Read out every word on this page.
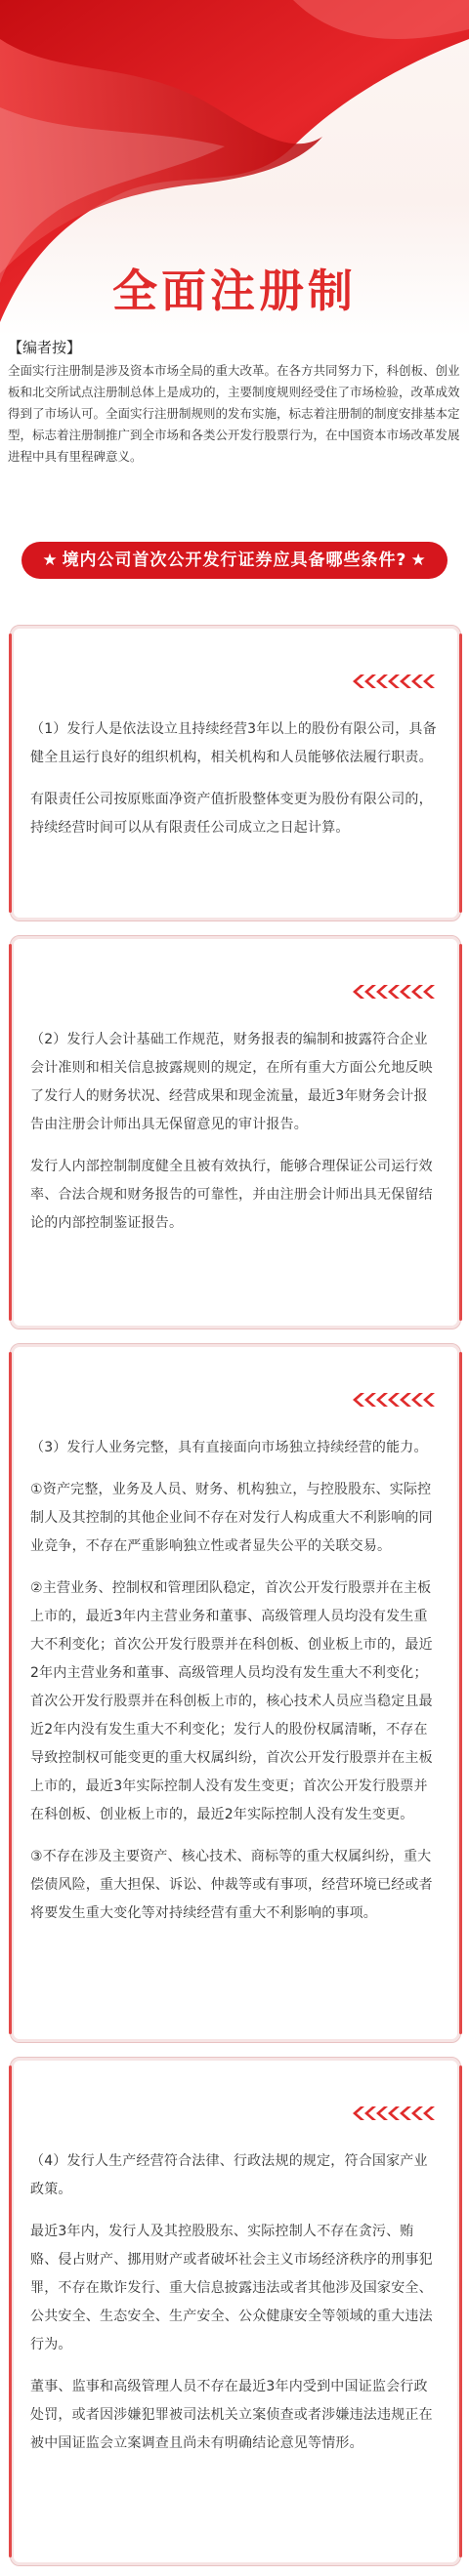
全面注册制
【编者按】
全面实行注册制是涉及资本市场全局的重大改革。在各方共同努力下，科创板、创业板和北交所试点注册制总体上是成功的，主要制度规则经受住了市场检验，改革成效得到了市场认可。全面实行注册制规则的发布实施，标志着注册制的制度安排基本定型，标志着注册制推广到全市场和各类公开发行股票行为，在中国资本市场改革发展进程中具有里程碑意义。
★ 境内公司首次公开发行证券应具备哪些条件? ★

（1）发行人是依法设立且持续经营3年以上的股份有限公司，具备健全且运行良好的组织机构，相关机构和人员能够依法履行职责。

有限责任公司按原账面净资产值折股整体变更为股份有限公司的，持续经营时间可以从有限责任公司成立之日起计算。

（2）发行人会计基础工作规范，财务报表的编制和披露符合企业会计准则和相关信息披露规则的规定，在所有重大方面公允地反映了发行人的财务状况、经营成果和现金流量，最近3年财务会计报告由注册会计师出具无保留意见的审计报告。

发行人内部控制制度健全且被有效执行，能够合理保证公司运行效率、合法合规和财务报告的可靠性，并由注册会计师出具无保留结论的内部控制鉴证报告。

（3）发行人业务完整，具有直接面向市场独立持续经营的能力。

①资产完整，业务及人员、财务、机构独立，与控股股东、实际控制人及其控制的其他企业间不存在对发行人构成重大不利影响的同业竞争，不存在严重影响独立性或者显失公平的关联交易。

②主营业务、控制权和管理团队稳定，首次公开发行股票并在主板上市的，最近3年内主营业务和董事、高级管理人员均没有发生重大不利变化；首次公开发行股票并在科创板、创业板上市的，最近2年内主营业务和董事、高级管理人员均没有发生重大不利变化；首次公开发行股票并在科创板上市的，核心技术人员应当稳定且最近2年内没有发生重大不利变化；发行人的股份权属清晰，不存在导致控制权可能变更的重大权属纠纷，首次公开发行股票并在主板上市的，最近3年实际控制人没有发生变更；首次公开发行股票并在科创板、创业板上市的，最近2年实际控制人没有发生变更。

③不存在涉及主要资产、核心技术、商标等的重大权属纠纷，重大偿债风险，重大担保、诉讼、仲裁等或有事项，经营环境已经或者将要发生重大变化等对持续经营有重大不利影响的事项。

（4）发行人生产经营符合法律、行政法规的规定，符合国家产业政策。

最近3年内，发行人及其控股股东、实际控制人不存在贪污、贿赂、侵占财产、挪用财产或者破坏社会主义市场经济秩序的刑事犯罪，不存在欺诈发行、重大信息披露违法或者其他涉及国家安全、公共安全、生态安全、生产安全、公众健康安全等领域的重大违法行为。

董事、监事和高级管理人员不存在最近3年内受到中国证监会行政处罚，或者因涉嫌犯罪被司法机关立案侦查或者涉嫌违法违规正在被中国证监会立案调查且尚未有明确结论意见等情形。
